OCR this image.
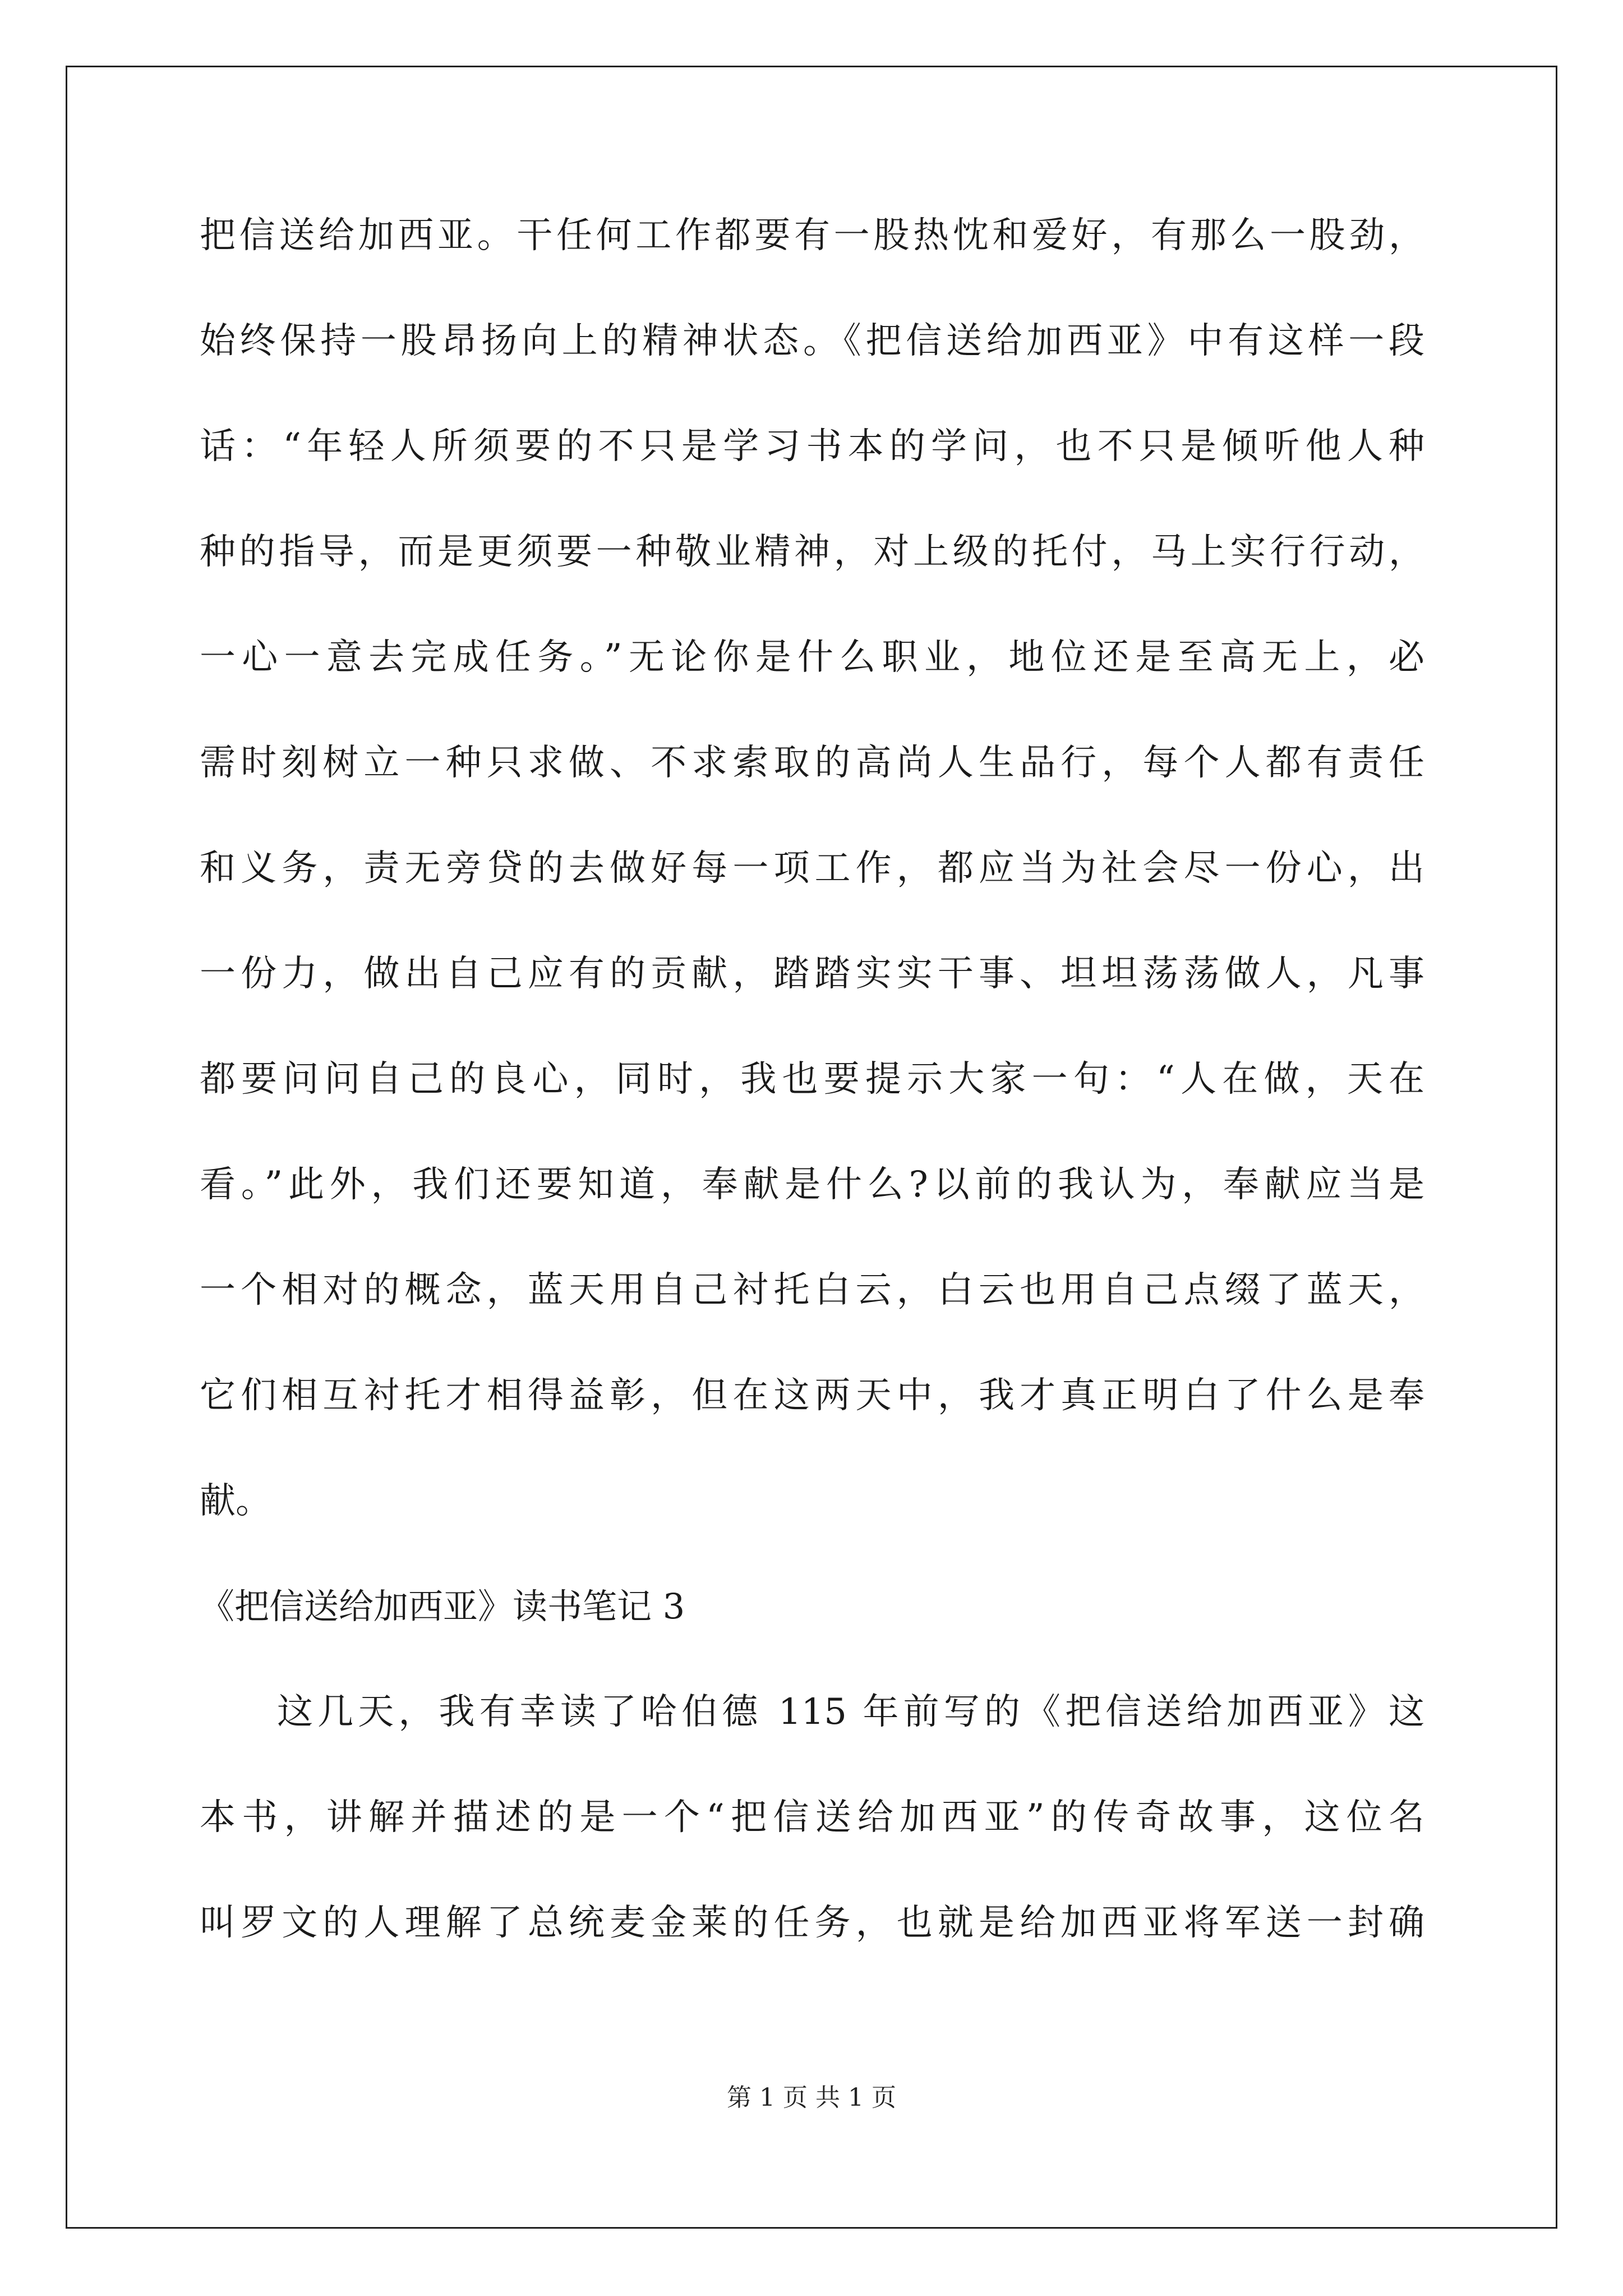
把信送给加西亚。干任何工作都要有一股热忱和爱好，有那么一股劲，
始终保持一股昂扬向上的精神状态。《把信送给加西亚》中有这样一段
话：“年轻人所须要的不只是学习书本的学问，也不只是倾听他人种
种的指导，而是更须要一种敬业精神，对上级的托付，马上实行行动，
一心一意去完成任务。”无论你是什么职业，地位还是至高无上，必
需时刻树立一种只求做、不求索取的高尚人生品行，每个人都有责任
和义务，责无旁贷的去做好每一项工作，都应当为社会尽一份心，出
一份力，做出自己应有的贡献，踏踏实实干事、坦坦荡荡做人，凡事
都要问问自己的良心，同时，我也要提示大家一句：“人在做，天在
看。”此外，我们还要知道，奉献是什么?以前的我认为，奉献应当是
一个相对的概念，蓝天用自己衬托白云，白云也用自己点缀了蓝天，
它们相互衬托才相得益彰，但在这两天中，我才真正明白了什么是奉
献。
《把信送给加西亚》读书笔记 3
这几天，我有幸读了哈伯德 115 年前写的《把信送给加西亚》这
本书，讲解并描述的是一个“把信送给加西亚”的传奇故事，这位名
叫罗文的人理解了总统麦金莱的任务，也就是给加西亚将军送一封确
第 1 页 共 1 页
